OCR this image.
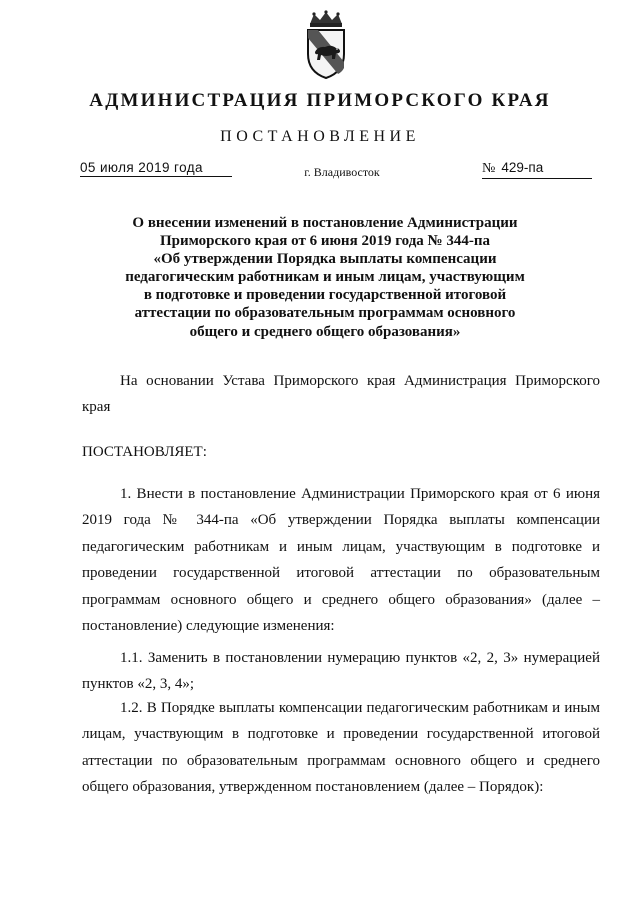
АДМИНИСТРАЦИЯ ПРИМОРСКОГО КРАЯ
ПОСТАНОВЛЕНИЕ
05 июля 2019 года	г. Владивосток	№ 429-па
О внесении изменений в постановление Администрации
Приморского края от 6 июня 2019 года № 344-па
«Об утверждении Порядка выплаты компенсации
педагогическим работникам и иным лицам, участвующим
в подготовке и проведении государственной итоговой
аттестации по образовательным программам основного
общего и среднего общего образования»
На основании Устава Приморского края Администрация Приморского края
ПОСТАНОВЛЯЕТ:
1. Внести в постановление Администрации Приморского края от 6 июня 2019 года № 344-па «Об утверждении Порядка выплаты компенсации педагогическим работникам и иным лицам, участвующим в подготовке и проведении государственной итоговой аттестации по образовательным программам основного общего и среднего общего образования» (далее – постановление) следующие изменения:
1.1. Заменить в постановлении нумерацию пунктов «2, 2, 3» нумерацией пунктов «2, 3, 4»;
1.2. В Порядке выплаты компенсации педагогическим работникам и иным лицам, участвующим в подготовке и проведении государственной итоговой аттестации по образовательным программам основного общего и среднего общего образования, утвержденном постановлением (далее – Порядок):
